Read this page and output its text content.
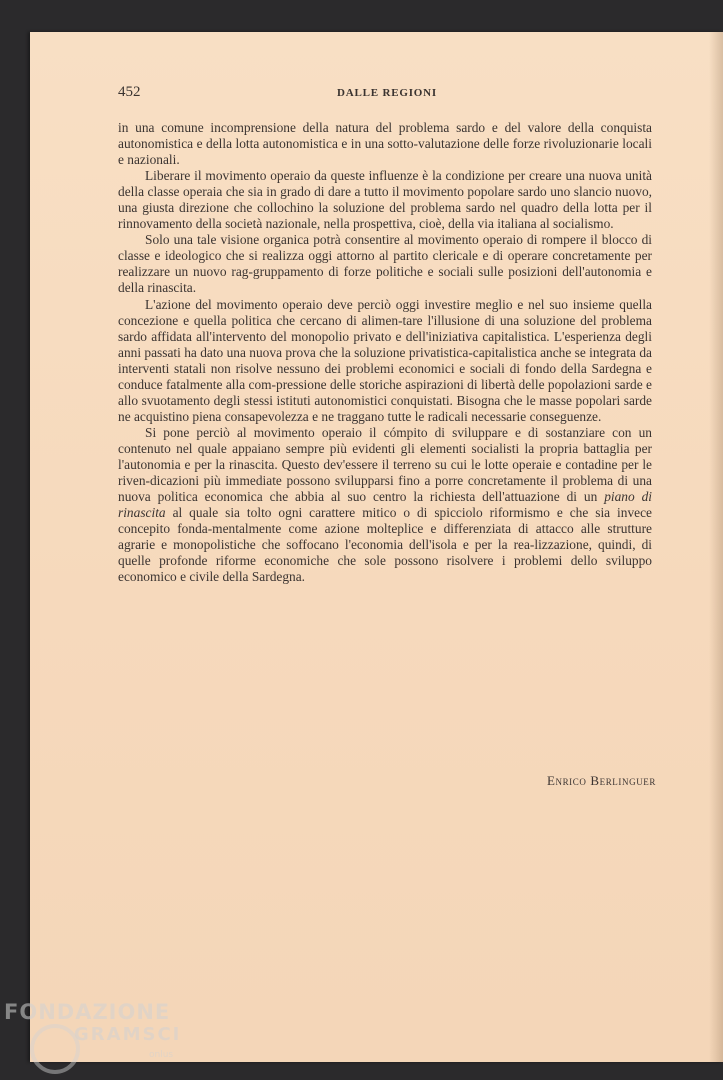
452	DALLE REGIONI

in una comune incomprensione della natura del problema sardo e del valore della conquista autonomistica e della lotta autonomistica e in una sotto-valutazione delle forze rivoluzionarie locali e nazionali.

Liberare il movimento operaio da queste influenze è la condizione per creare una nuova unità della classe operaia che sia in grado di dare a tutto il movimento popolare sardo uno slancio nuovo, una giusta direzione che collochino la soluzione del problema sardo nel quadro della lotta per il rinnovamento della società nazionale, nella prospettiva, cioè, della via italiana al socialismo.

Solo una tale visione organica potrà consentire al movimento operaio di rompere il blocco di classe e ideologico che si realizza oggi attorno al partito clericale e di operare concretamente per realizzare un nuovo rag-gruppamento di forze politiche e sociali sulle posizioni dell'autonomia e della rinascita.

L'azione del movimento operaio deve perciò oggi investire meglio e nel suo insieme quella concezione e quella politica che cercano di alimen-tare l'illusione di una soluzione del problema sardo affidata all'intervento del monopolio privato e dell'iniziativa capitalistica. L'esperienza degli anni passati ha dato una nuova prova che la soluzione privatistica-capitalistica anche se integrata da interventi statali non risolve nessuno dei problemi economici e sociali di fondo della Sardegna e conduce fatalmente alla com-pressione delle storiche aspirazioni di libertà delle popolazioni sarde e allo svuotamento degli stessi istituti autonomistici conquistati. Bisogna che le masse popolari sarde ne acquistino piena consapevolezza e ne traggano tutte le radicali necessarie conseguenze.

Si pone perciò al movimento operaio il cómpito di sviluppare e di sostanziare con un contenuto nel quale appaiano sempre più evidenti gli elementi socialisti la propria battaglia per l'autonomia e per la rinascita. Questo dev'essere il terreno su cui le lotte operaie e contadine per le riven-dicazioni più immediate possono svilupparsi fino a porre concretamente il problema di una nuova politica economica che abbia al suo centro la richiesta dell'attuazione di un piano di rinascita al quale sia tolto ogni carattere mitico o di spicciolo riformismo e che sia invece concepito fonda-mentalmente come azione molteplice e differenziata di attacco alle strutture agrarie e monopolistiche che soffocano l'economia dell'isola e per la rea-lizzazione, quindi, di quelle profonde riforme economiche che sole possono risolvere i problemi dello sviluppo economico e civile della Sardegna.

Enrico Berlinguer
FONDAZIONE
GRAMSCI
onlus
